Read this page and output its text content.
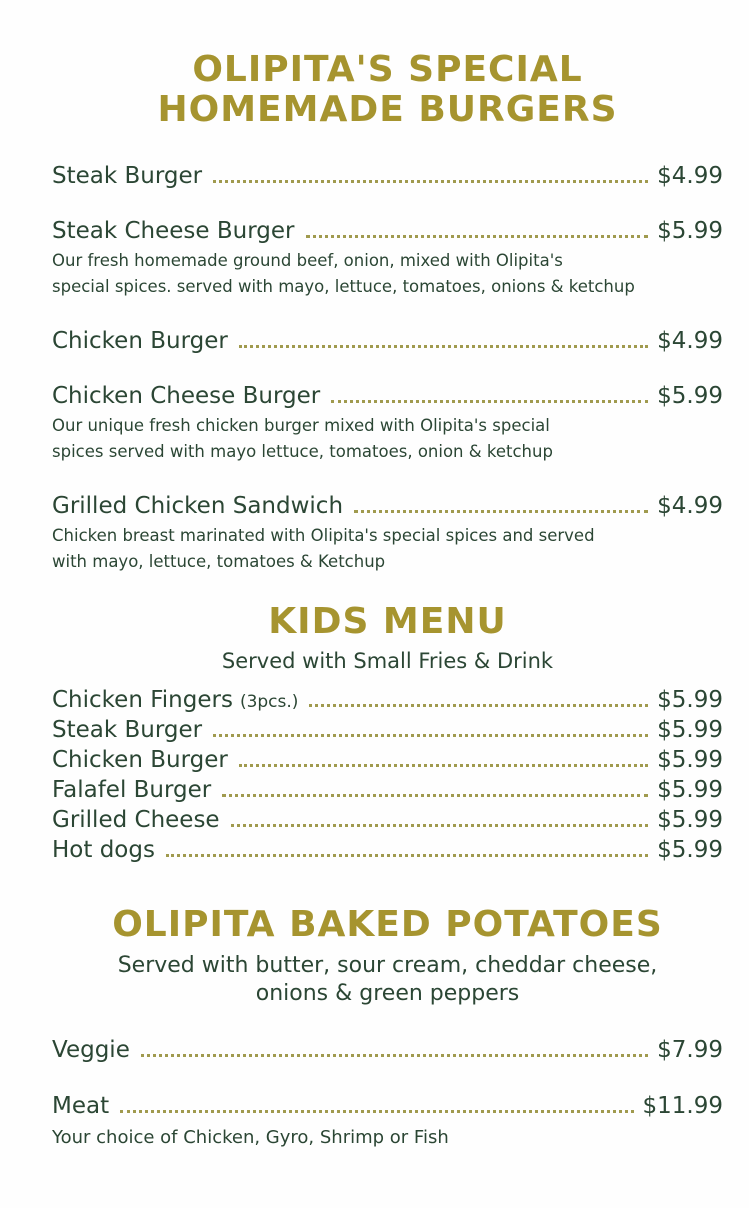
OLIPITA'S SPECIAL
HOMEMADE BURGERS
Steak Burger	$4.99
Steak Cheese Burger	$5.99
Our fresh homemade ground beef, onion, mixed with Olipita's
special spices. served with mayo, lettuce, tomatoes, onions & ketchup
Chicken Burger	$4.99
Chicken Cheese Burger	$5.99
Our unique fresh chicken burger mixed with Olipita's special
spices served with mayo lettuce, tomatoes, onion & ketchup
Grilled Chicken Sandwich	$4.99
Chicken breast marinated with Olipita's special spices and served
with mayo, lettuce, tomatoes & Ketchup
KIDS MENU
Served with Small Fries & Drink
Chicken Fingers (3pcs.)	$5.99
Steak Burger	$5.99
Chicken Burger	$5.99
Falafel Burger	$5.99
Grilled Cheese	$5.99
Hot dogs	$5.99
OLIPITA BAKED POTATOES
Served with butter, sour cream, cheddar cheese,
onions & green peppers
Veggie	$7.99
Meat	$11.99
Your choice of Chicken, Gyro, Shrimp or Fish
